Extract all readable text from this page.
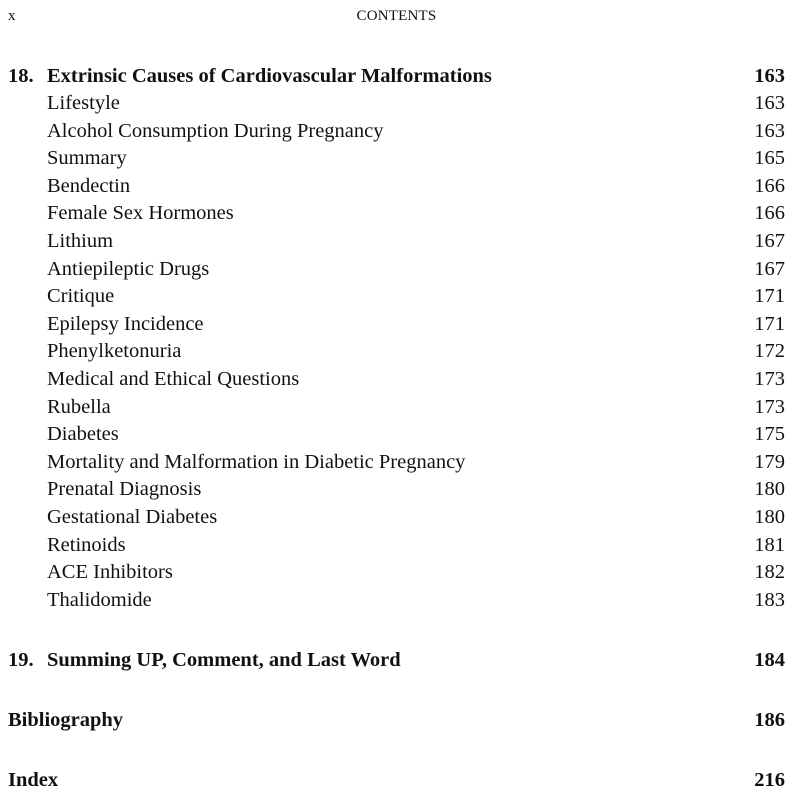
x	CONTENTS
18. Extrinsic Causes of Cardiovascular Malformations	163
Lifestyle	163
Alcohol Consumption During Pregnancy	163
Summary	165
Bendectin	166
Female Sex Hormones	166
Lithium	167
Antiepileptic Drugs	167
Critique	171
Epilepsy Incidence	171
Phenylketonuria	172
Medical and Ethical Questions	173
Rubella	173
Diabetes	175
Mortality and Malformation in Diabetic Pregnancy	179
Prenatal Diagnosis	180
Gestational Diabetes	180
Retinoids	181
ACE Inhibitors	182
Thalidomide	183
19. Summing UP, Comment, and Last Word	184
Bibliography	186
Index	216
